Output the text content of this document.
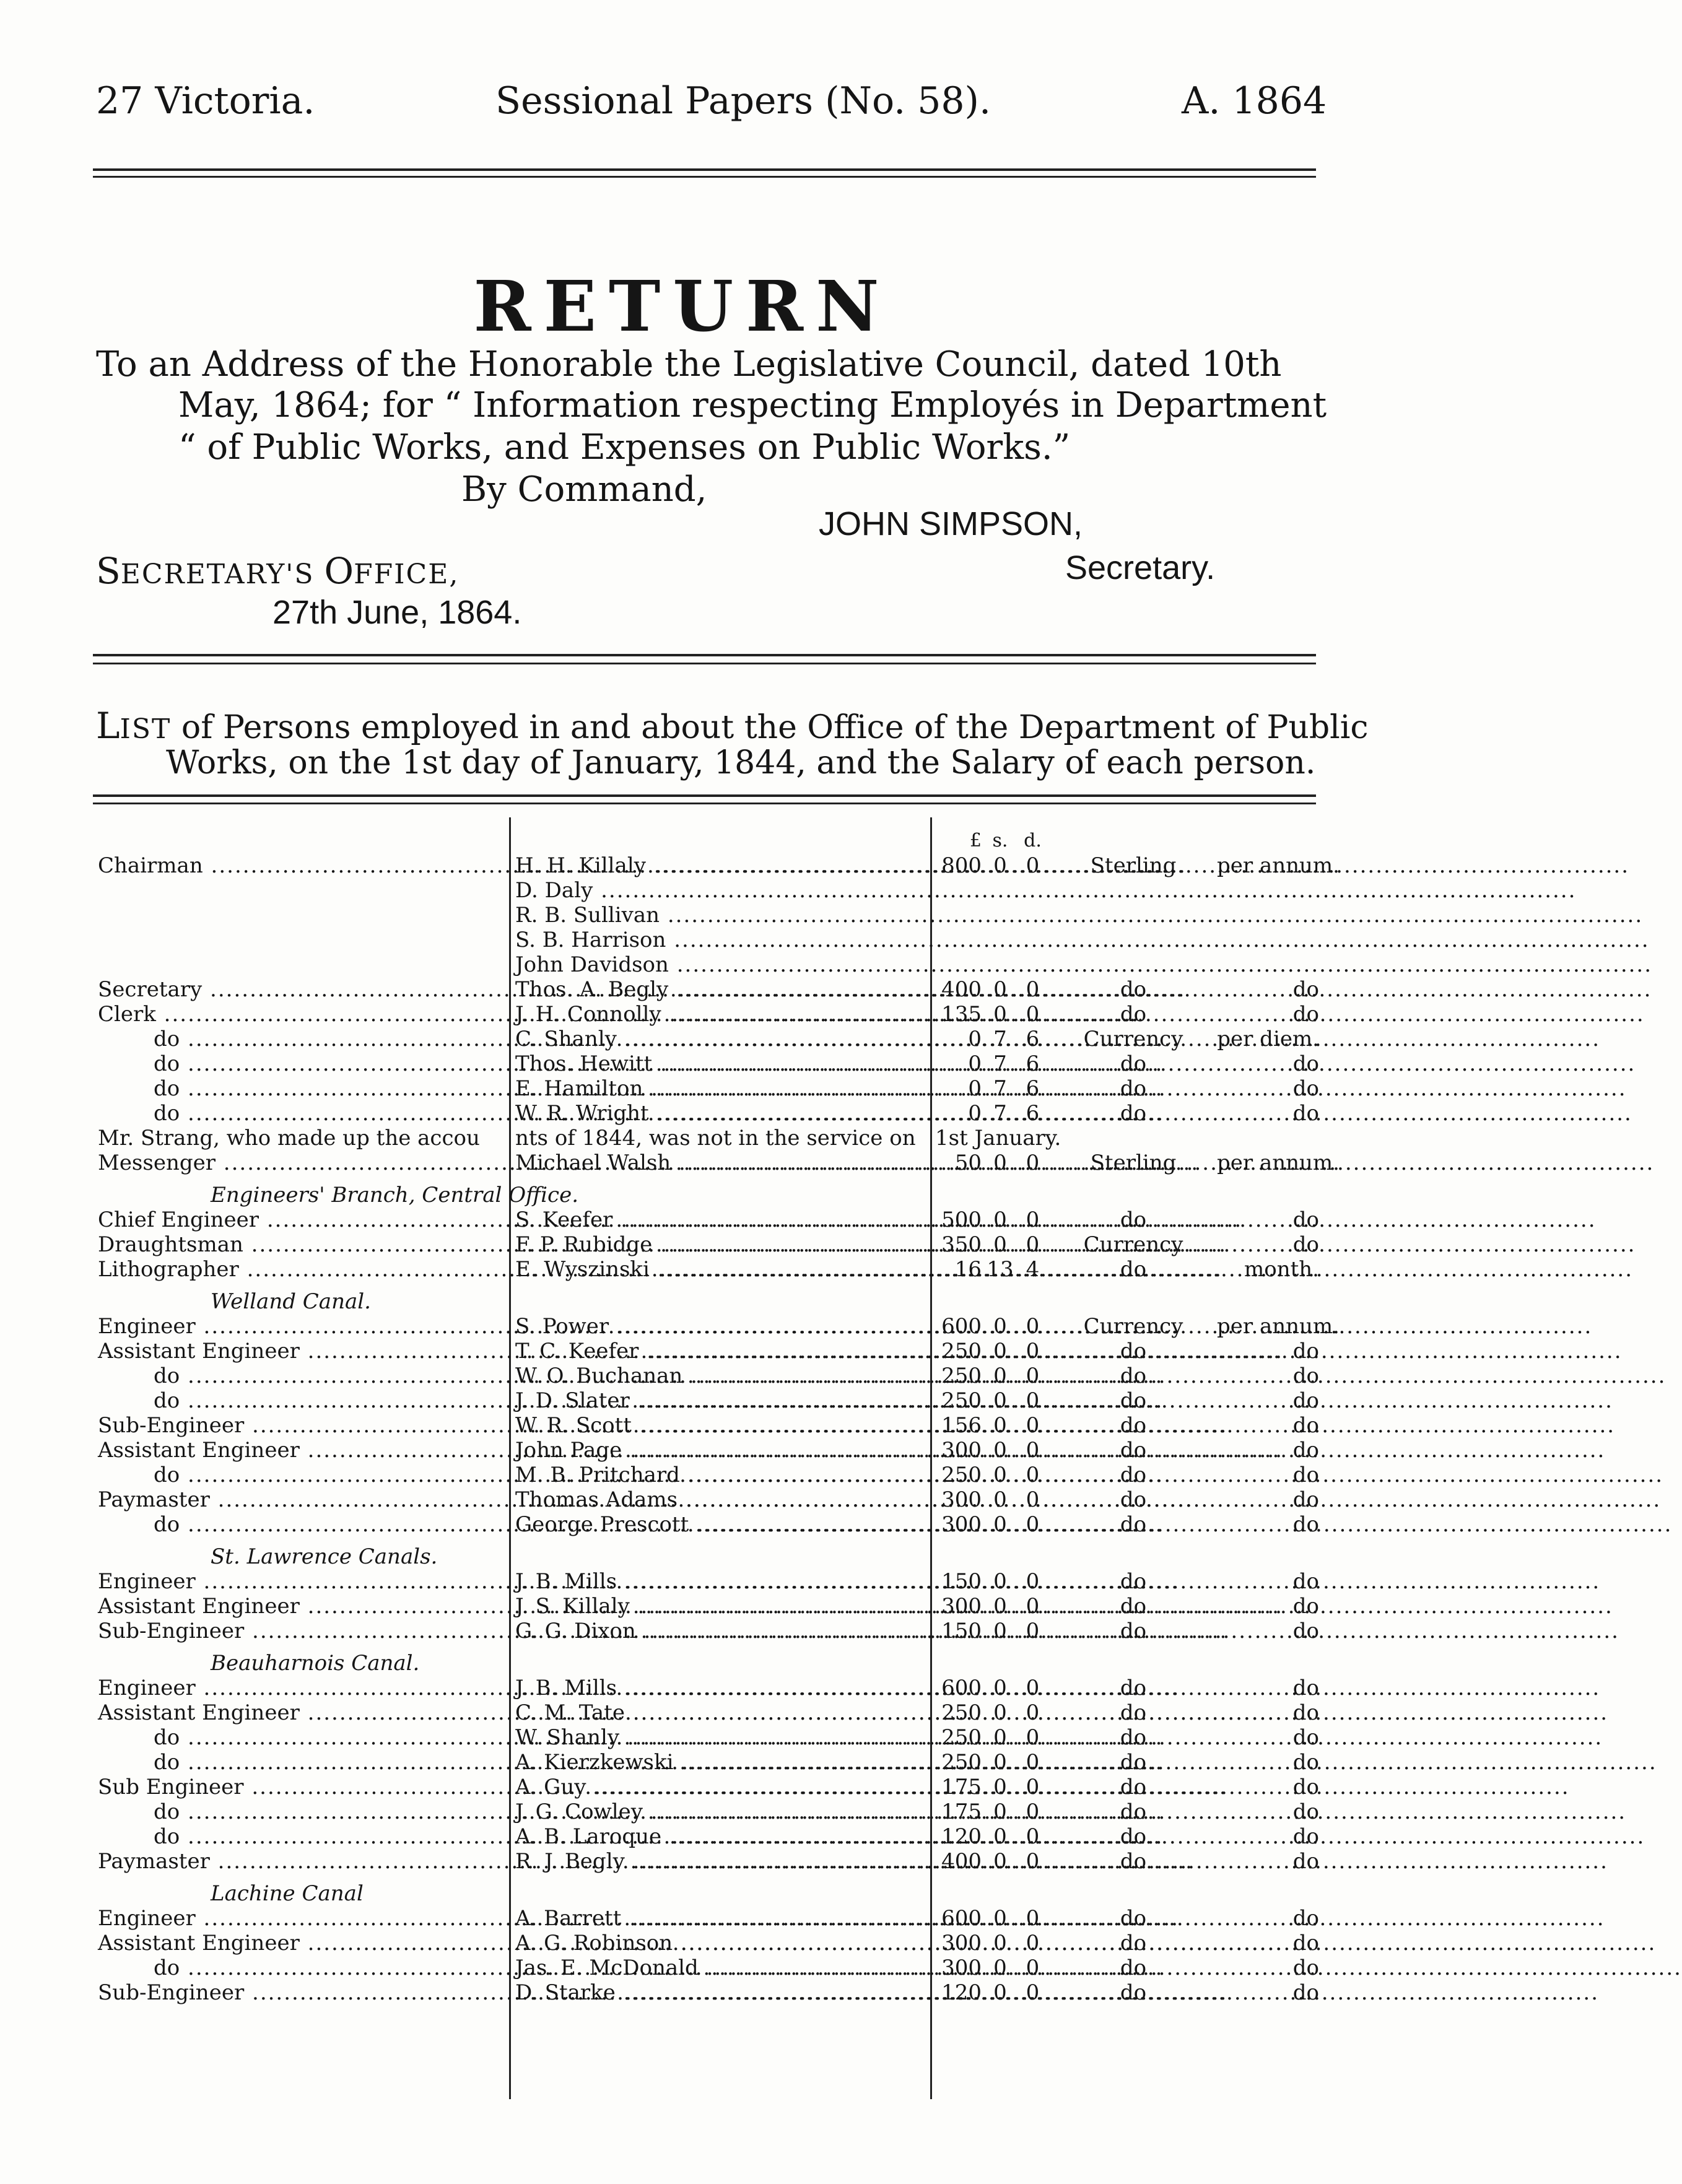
27 Victoria.	Sessional Papers (No. 58).	A. 1864
RETURN
To an Address of the Honorable the Legislative Council, dated 10th
May, 1864; for “ Information respecting Employés in Department
“ of Public Works, and Expenses on Public Works.”
By Command,
JOHN SIMPSON,
Secretary.
SECRETARY'S OFFICE,
27th June, 1864.
LIST of Persons employed in and about the Office of the Department of Public
Works, on the 1st day of January, 1844, and the Salary of each person.
£ s. d.
Chairman .....	H. H. Killaly .....	800 0 0	Sterling	per annum.
D. Daly .....
R. B. Sullivan .....
S. B. Harrison .....
John Davidson .....
Secretary .....	Thos. A. Begly .....	400 0 0	do	do
Clerk .....	J. H. Connolly .....	135 0 0	do	do
do .....	C. Shanly .....	0 7 6	Currency	per diem.
do .....	Thos. Hewitt .....	0 7 6	do	do
do .....	E. Hamilton .....	0 7 6	do	do
do .....	W. R. Wright .....	0 7 6	do	do
Mr. Strang, who made up the accou	nts of 1844, was not in the service on 1st January.
Messenger .....	Michael Walsh .....	50 0 0	Sterling	per annum.
Engineers' Branch, Central Office.
Chief Engineer .....	S. Keefer .....	500 0 0	do	do
Draughtsman .....	F. P. Rubidge .....	350 0 0	Currency	do
Lithographer .....	E. Wyszinski .....	16 13 4	do	month.
Welland Canal.
Engineer .....	S. Power .....	600 0 0	Currency	per annum.
Assistant Engineer .....	T. C. Keefer .....	250 0 0	do	do
do .....	W. O. Buchanan .....	250 0 0	do	do
do .....	J. D. Slater .....	250 0 0	do	do
Sub-Engineer .....	W. R. Scott .....	156 0 0	do	do
Assistant Engineer .....	John Page .....	300 0 0	do	do
do .....	M. B. Pritchard .....	250 0 0	do	do
Paymaster .....	Thomas Adams .....	300 0 0	do	do
do .....	George Prescott .....	300 0 0	do	do
St. Lawrence Canals.
Engineer .....	J. B. Mills .....	150 0 0	do	do
Assistant Engineer .....	J. S. Killaly .....	300 0 0	do	do
Sub-Engineer .....	G. G. Dixon .....	150 0 0	do	do
Beauharnois Canal.
Engineer .....	J. B. Mills .....	600 0 0	do	do
Assistant Engineer .....	C. M. Tate .....	250 0 0	do	do
do .....	W. Shanly .....	250 0 0	do	do
do .....	A. Kierzkewski .....	250 0 0	do	do
Sub Engineer .....	A. Guy .....	175 0 0	do	do
do .....	J. G. Cowley .....	175 0 0	do	do
do .....	A. B. Laroque .....	120 0 0	do	do
Paymaster .....	R. J. Begly .....	400 0 0	do	do
Lachine Canal
Engineer .....	A. Barrett .....	600 0 0	do	do
Assistant Engineer .....	A. G. Robinson .....	300 0 0	do	do
do .....	Jas. E. McDonald .....	300 0 0	do	do
Sub-Engineer .....	D. Starke .....	120 0 0	do	do
